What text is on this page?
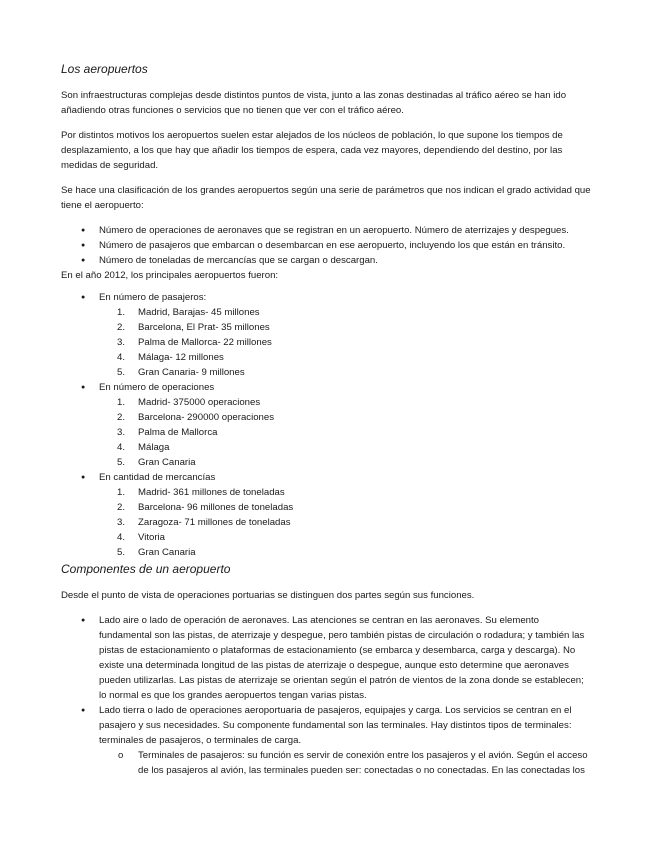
Los aeropuertos

Son infraestructuras complejas desde distintos puntos de vista, junto a las zonas destinadas al tráfico aéreo se han ido añadiendo otras funciones o servicios que no tienen que ver con el tráfico aéreo.

Por distintos motivos los aeropuertos suelen estar alejados de los núcleos de población, lo que supone los tiempos de desplazamiento, a los que hay que añadir los tiempos de espera, cada vez mayores, dependiendo del destino, por las medidas de seguridad.

Se hace una clasificación de los grandes aeropuertos según una serie de parámetros que nos indican el grado actividad que tiene el aeropuerto:

● Número de operaciones de aeronaves que se registran en un aeropuerto. Número de aterrizajes y despegues.
● Número de pasajeros que embarcan o desembarcan en ese aeropuerto, incluyendo los que están en tránsito.
● Número de toneladas de mercancías que se cargan o descargan.

En el año 2012, los principales aeropuertos fueron:

● En número de pasajeros:
1.	Madrid, Barajas- 45 millones
2.	Barcelona, El Prat- 35 millones
3.	Palma de Mallorca- 22 millones
4.	Málaga- 12 millones
5.	Gran Canaria- 9 millones
● En número de operaciones
1.	Madrid- 375000 operaciones
2.	Barcelona- 290000 operaciones
3.	Palma de Mallorca
4.	Málaga
5.	Gran Canaria
● En cantidad de mercancías
1.	Madrid- 361 millones de toneladas
2.	Barcelona- 96 millones de toneladas
3.	Zaragoza- 71 millones de toneladas
4.	Vitoria
5.	Gran Canaria
Componentes de un aeropuerto

Desde el punto de vista de operaciones portuarias se distinguen dos partes según sus funciones.

● Lado aire o lado de operación de aeronaves. Las atenciones se centran en las aeronaves. Su elemento fundamental son las pistas, de aterrizaje y despegue, pero también pistas de circulación o rodadura; y también las pistas de estacionamiento o plataformas de estacionamiento (se embarca y desembarca, carga y descarga). No existe una determinada longitud de las pistas de aterrizaje o despegue, aunque esto determine que aeronaves pueden utilizarlas. Las pistas de aterrizaje se orientan según el patrón de vientos de la zona donde se establecen; lo normal es que los grandes aeropuertos tengan varias pistas.
● Lado tierra o lado de operaciones aeroportuaria de pasajeros, equipajes y carga. Los servicios se centran en el pasajero y sus necesidades. Su componente fundamental son las terminales. Hay distintos tipos de terminales: terminales de pasajeros, o terminales de carga.
o Terminales de pasajeros: su función es servir de conexión entre los pasajeros y el avión. Según el acceso de los pasajeros al avión, las terminales pueden ser: conectadas o no conectadas. En las conectadas los
